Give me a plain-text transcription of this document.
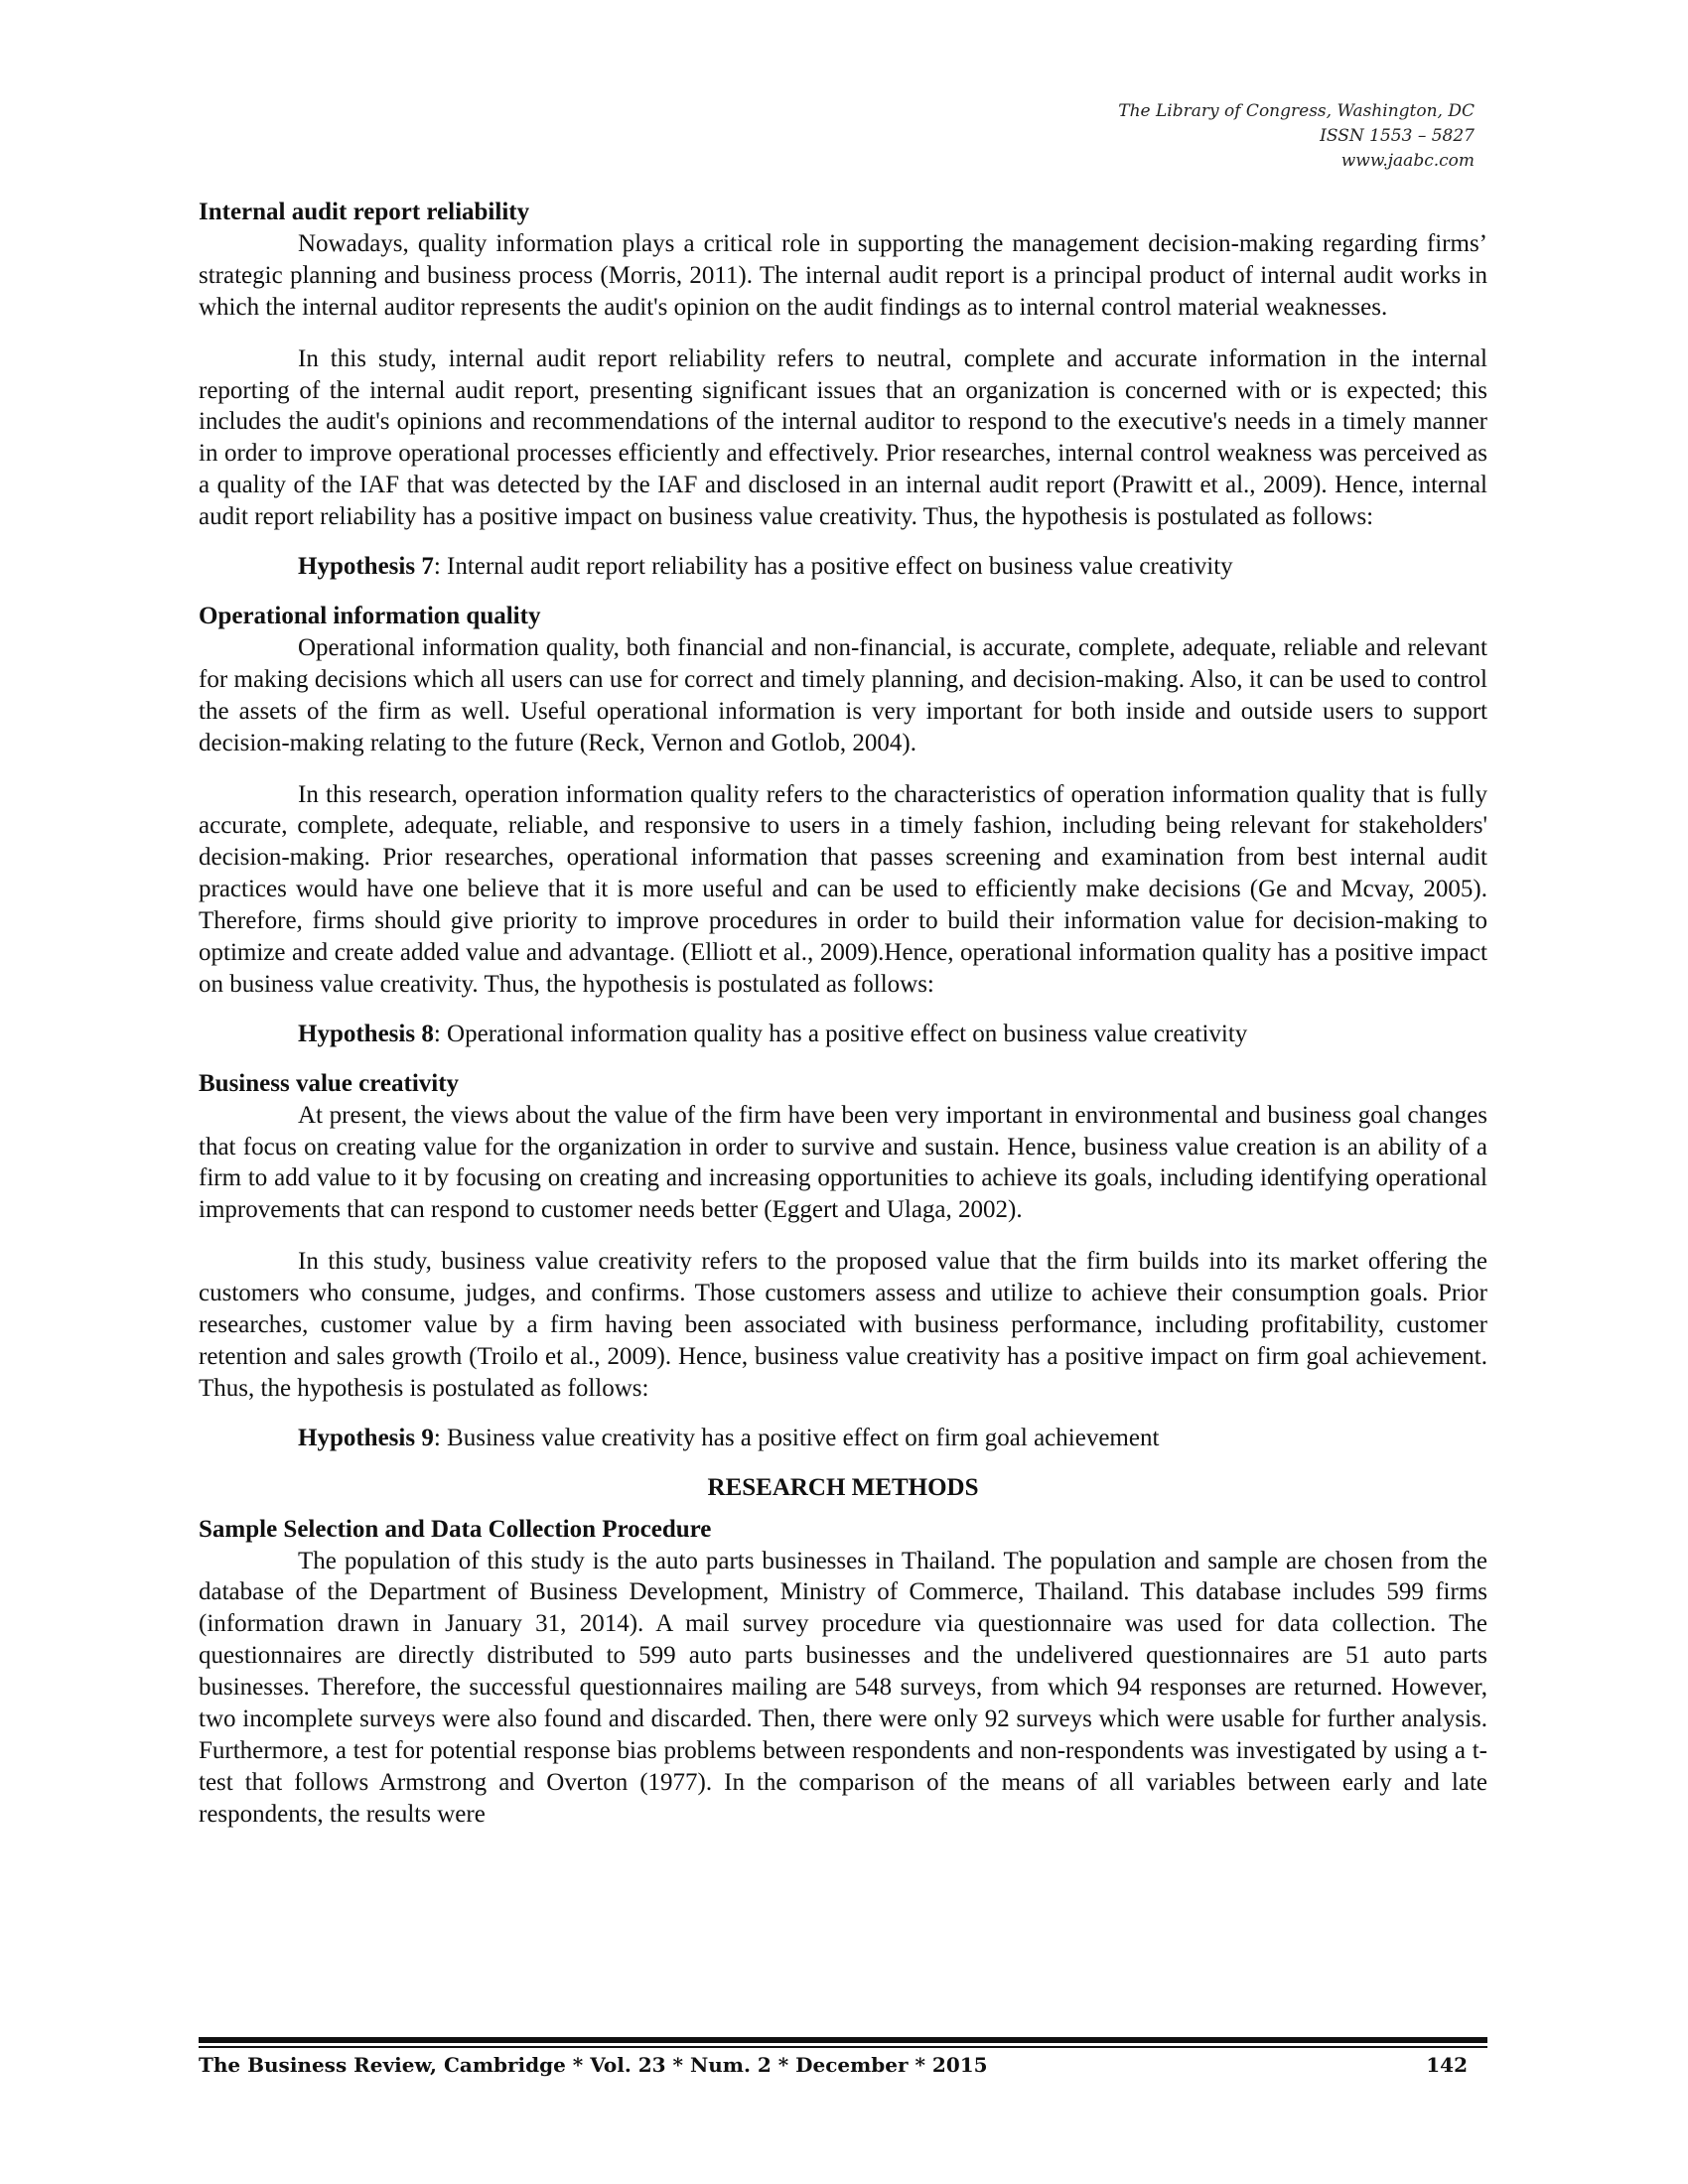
The Library of Congress, Washington, DC
ISSN 1553 – 5827
www.jaabc.com
Internal audit report reliability

Nowadays, quality information plays a critical role in supporting the management decision-making regarding firms’ strategic planning and business process (Morris, 2011). The internal audit report is a principal product of internal audit works in which the internal auditor represents the audit's opinion on the audit findings as to internal control material weaknesses.

In this study, internal audit report reliability refers to neutral, complete and accurate information in the internal reporting of the internal audit report, presenting significant issues that an organization is concerned with or is expected; this includes the audit's opinions and recommendations of the internal auditor to respond to the executive's needs in a timely manner in order to improve operational processes efficiently and effectively. Prior researches, internal control weakness was perceived as a quality of the IAF that was detected by the IAF and disclosed in an internal audit report (Prawitt et al., 2009). Hence, internal audit report reliability has a positive impact on business value creativity. Thus, the hypothesis is postulated as follows:

Hypothesis 7: Internal audit report reliability has a positive effect on business value creativity
Operational information quality

Operational information quality, both financial and non-financial, is accurate, complete, adequate, reliable and relevant for making decisions which all users can use for correct and timely planning, and decision-making. Also, it can be used to control the assets of the firm as well. Useful operational information is very important for both inside and outside users to support decision-making relating to the future (Reck, Vernon and Gotlob, 2004).

In this research, operation information quality refers to the characteristics of operation information quality that is fully accurate, complete, adequate, reliable, and responsive to users in a timely fashion, including being relevant for stakeholders' decision-making. Prior researches, operational information that passes screening and examination from best internal audit practices would have one believe that it is more useful and can be used to efficiently make decisions (Ge and Mcvay, 2005). Therefore, firms should give priority to improve procedures in order to build their information value for decision-making to optimize and create added value and advantage. (Elliott et al., 2009).Hence, operational information quality has a positive impact on business value creativity. Thus, the hypothesis is postulated as follows:

Hypothesis 8: Operational information quality has a positive effect on business value creativity
Business value creativity

At present, the views about the value of the firm have been very important in environmental and business goal changes that focus on creating value for the organization in order to survive and sustain. Hence, business value creation is an ability of a firm to add value to it by focusing on creating and increasing opportunities to achieve its goals, including identifying operational improvements that can respond to customer needs better (Eggert and Ulaga, 2002).

In this study, business value creativity refers to the proposed value that the firm builds into its market offering the customers who consume, judges, and confirms. Those customers assess and utilize to achieve their consumption goals. Prior researches, customer value by a firm having been associated with business performance, including profitability, customer retention and sales growth (Troilo et al., 2009). Hence, business value creativity has a positive impact on firm goal achievement. Thus, the hypothesis is postulated as follows:

Hypothesis 9: Business value creativity has a positive effect on firm goal achievement
RESEARCH METHODS
Sample Selection and Data Collection Procedure

The population of this study is the auto parts businesses in Thailand. The population and sample are chosen from the database of the Department of Business Development, Ministry of Commerce, Thailand. This database includes 599 firms (information drawn in January 31, 2014). A mail survey procedure via questionnaire was used for data collection. The questionnaires are directly distributed to 599 auto parts businesses and the undelivered questionnaires are 51 auto parts businesses. Therefore, the successful questionnaires mailing are 548 surveys, from which 94 responses are returned. However, two incomplete surveys were also found and discarded. Then, there were only 92 surveys which were usable for further analysis. Furthermore, a test for potential response bias problems between respondents and non-respondents was investigated by using a t-test that follows Armstrong and Overton (1977). In the comparison of the means of all variables between early and late respondents, the results were

The Business Review, Cambridge * Vol. 23 * Num. 2 * December * 2015	142
